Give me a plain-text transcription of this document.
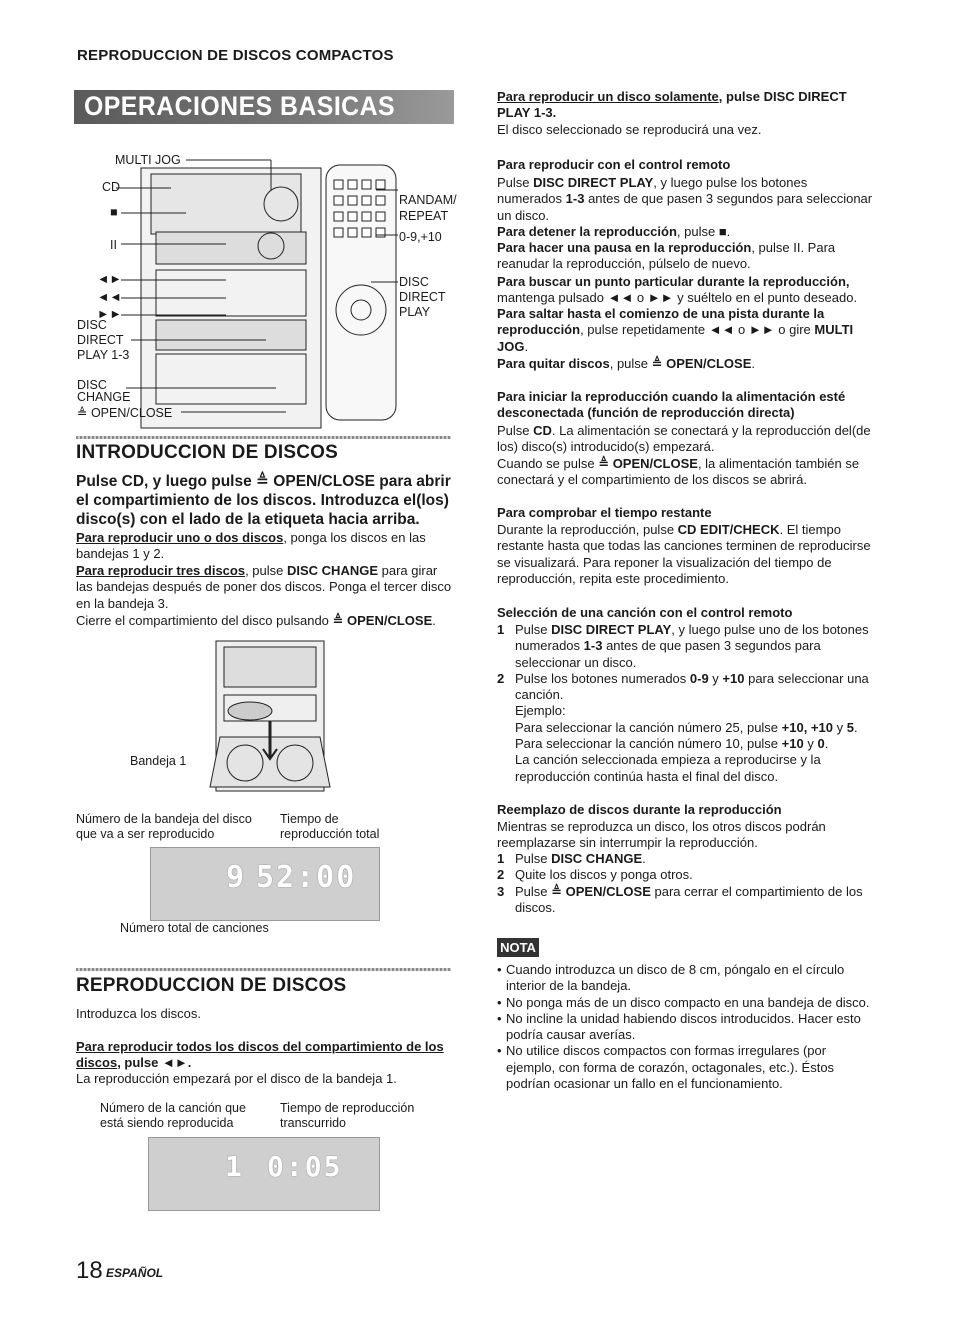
REPRODUCCION DE DISCOS COMPACTOS
OPERACIONES BASICAS
MULTI JOG
CD
■
II
◄►
◄◄
►►
DISC
DIRECT
PLAY 1-3
DISC
CHANGE
≜ OPEN/CLOSE
RANDAM/
REPEAT
0-9,+10
DISC
DIRECT
PLAY
INTRODUCCION DE DISCOS
Pulse CD, y luego pulse ≜ OPEN/CLOSE para abrir el compartimiento de los discos. Introduzca el(los) disco(s) con el lado de la etiqueta hacia arriba.
Para reproducir uno o dos discos, ponga los discos en las bandejas 1 y 2.
Para reproducir tres discos, pulse DISC CHANGE para girar las bandejas después de poner dos discos. Ponga el tercer disco en la bandeja 3.
Cierre el compartimiento del disco pulsando ≜ OPEN/CLOSE.
Bandeja 1
Número de la bandeja del disco que va a ser reproducido
Tiempo de reproducción total
9 52:00
Número total de canciones
REPRODUCCION DE DISCOS
Introduzca los discos.
Para reproducir todos los discos del compartimiento de los discos, pulse ◄►.
La reproducción empezará por el disco de la bandeja 1.
Número de la canción que está siendo reproducida
Tiempo de reproducción transcurrido
1 0:05
18 ESPAÑOL
Para reproducir un disco solamente, pulse DISC DIRECT PLAY 1-3.
El disco seleccionado se reproducirá una vez.
Para reproducir con el control remoto
Pulse DISC DIRECT PLAY, y luego pulse los botones numerados 1-3 antes de que pasen 3 segundos para seleccionar un disco.
Para detener la reproducción, pulse ■.
Para hacer una pausa en la reproducción, pulse II. Para reanudar la reproducción, púlselo de nuevo.
Para buscar un punto particular durante la reproducción, mantenga pulsado ◄◄ o ►► y suéltelo en el punto deseado.
Para saltar hasta el comienzo de una pista durante la reproducción, pulse repetidamente ◄◄ o ►► o gire MULTI JOG.
Para quitar discos, pulse ≜ OPEN/CLOSE.
Para iniciar la reproducción cuando la alimentación esté desconectada (función de reproducción directa)
Pulse CD. La alimentación se conectará y la reproducción del(de los) disco(s) introducido(s) empezará.
Cuando se pulse ≜ OPEN/CLOSE, la alimentación también se conectará y el compartimiento de los discos se abrirá.
Para comprobar el tiempo restante
Durante la reproducción, pulse CD EDIT/CHECK. El tiempo restante hasta que todas las canciones terminen de reproducirse se visualizará. Para reponer la visualización del tiempo de reproducción, repita este procedimiento.
Selección de una canción con el control remoto
1 Pulse DISC DIRECT PLAY, y luego pulse uno de los botones numerados 1-3 antes de que pasen 3 segundos para seleccionar un disco.
2 Pulse los botones numerados 0-9 y +10 para seleccionar una canción.
Ejemplo:
Para seleccionar la canción número 25, pulse +10, +10 y 5.
Para seleccionar la canción número 10, pulse +10 y 0.
La canción seleccionada empieza a reproducirse y la reproducción continúa hasta el final del disco.
Reemplazo de discos durante la reproducción
Mientras se reproduzca un disco, los otros discos podrán reemplazarse sin interrumpir la reproducción.
1 Pulse DISC CHANGE.
2 Quite los discos y ponga otros.
3 Pulse ≜ OPEN/CLOSE para cerrar el compartimiento de los discos.
NOTA
• Cuando introduzca un disco de 8 cm, póngalo en el círculo interior de la bandeja.
• No ponga más de un disco compacto en una bandeja de disco.
• No incline la unidad habiendo discos introducidos. Hacer esto podría causar averías.
• No utilice discos compactos con formas irregulares (por ejemplo, con forma de corazón, octagonales, etc.). Éstos podrían ocasionar un fallo en el funcionamiento.
